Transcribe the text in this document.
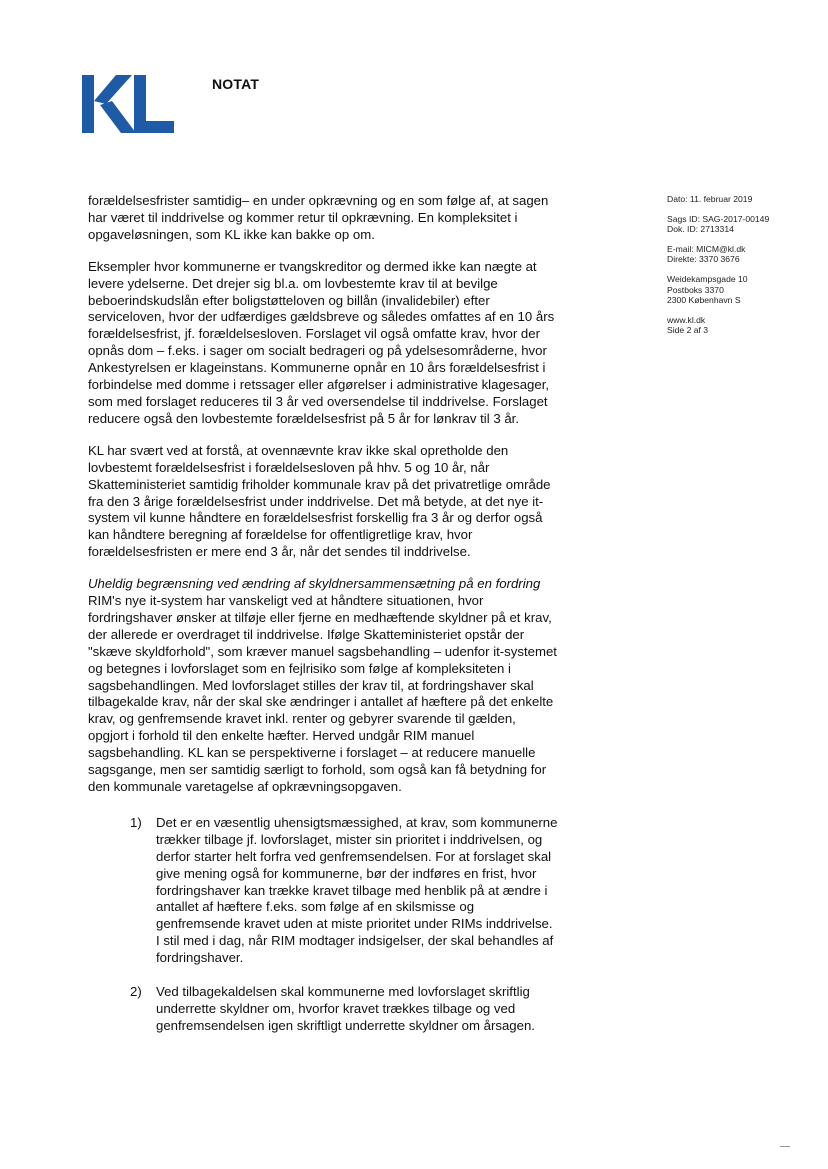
NOTAT
Dato: 11. februar 2019
Sags ID: SAG-2017-00149
Dok. ID: 2713314
E-mail: MICM@kl.dk
Direkte: 3370 3676
Weidekampsgade 10
Postboks 3370
2300 København S
www.kl.dk
Side 2 af 3

forældelsesfrister samtidig– en under opkrævning og en som følge af, at sagen har været til inddrivelse og kommer retur til opkrævning. En kompleksitet i opgaveløsningen, som KL ikke kan bakke op om.

Eksempler hvor kommunerne er tvangskreditor og dermed ikke kan nægte at levere ydelserne. Det drejer sig bl.a. om lovbestemte krav til at bevilge beboerindskudslån efter boligstøtteloven og billån (invalidebiler) efter serviceloven, hvor der udfærdiges gældsbreve og således omfattes af en 10 års forældelsesfrist, jf. forældelsesloven. Forslaget vil også omfatte krav, hvor der opnås dom – f.eks. i sager om socialt bedrageri og på ydelsesområderne, hvor Ankestyrelsen er klageinstans. Kommunerne opnår en 10 års forældelsesfrist i forbindelse med domme i retssager eller afgørelser i administrative klagesager, som med forslaget reduceres til 3 år ved oversendelse til inddrivelse. Forslaget reducere også den lovbestemte forældelsesfrist på 5 år for lønkrav til 3 år.

KL har svært ved at forstå, at ovennævnte krav ikke skal opretholde den lovbestemt forældelsesfrist i forældelsesloven på hhv. 5 og 10 år, når Skatteministeriet samtidig friholder kommunale krav på det privatretlige område fra den 3 årige forældelsesfrist under inddrivelse. Det må betyde, at det nye it-system vil kunne håndtere en forældelsesfrist forskellig fra 3 år og derfor også kan håndtere beregning af forældelse for offentligretlige krav, hvor forældelsesfristen er mere end 3 år, når det sendes til inddrivelse.

Uheldig begrænsning ved ændring af skyldnersammensætning på en fordring

RIM's nye it-system har vanskeligt ved at håndtere situationen, hvor fordringshaver ønsker at tilføje eller fjerne en medhæftende skyldner på et krav, der allerede er overdraget til inddrivelse. Ifølge Skatteministeriet opstår der "skæve skyldforhold", som kræver manuel sagsbehandling – udenfor it-systemet og betegnes i lovforslaget som en fejlrisiko som følge af kompleksiteten i sagsbehandlingen. Med lovforslaget stilles der krav til, at fordringshaver skal tilbagekalde krav, når der skal ske ændringer i antallet af hæftere på det enkelte krav, og genfremsende kravet inkl. renter og gebyrer svarende til gælden, opgjort i forhold til den enkelte hæfter. Herved undgår RIM manuel sagsbehandling. KL kan se perspektiverne i forslaget – at reducere manuelle sagsgange, men ser samtidig særligt to forhold, som også kan få betydning for den kommunale varetagelse af opkrævningsopgaven.

1)	Det er en væsentlig uhensigtsmæssighed, at krav, som kommunerne trækker tilbage jf. lovforslaget, mister sin prioritet i inddrivelsen, og derfor starter helt forfra ved genfremsendelsen. For at forslaget skal give mening også for kommunerne, bør der indføres en frist, hvor fordringshaver kan trække kravet tilbage med henblik på at ændre i antallet af hæftere f.eks. som følge af en skilsmisse og genfremsende kravet uden at miste prioritet under RIMs inddrivelse. I stil med i dag, når RIM modtager indsigelser, der skal behandles af fordringshaver.
2)	Ved tilbagekaldelsen skal kommunerne med lovforslaget skriftlig underrette skyldner om, hvorfor kravet trækkes tilbage og ved genfremsendelsen igen skriftligt underrette skyldner om årsagen.
